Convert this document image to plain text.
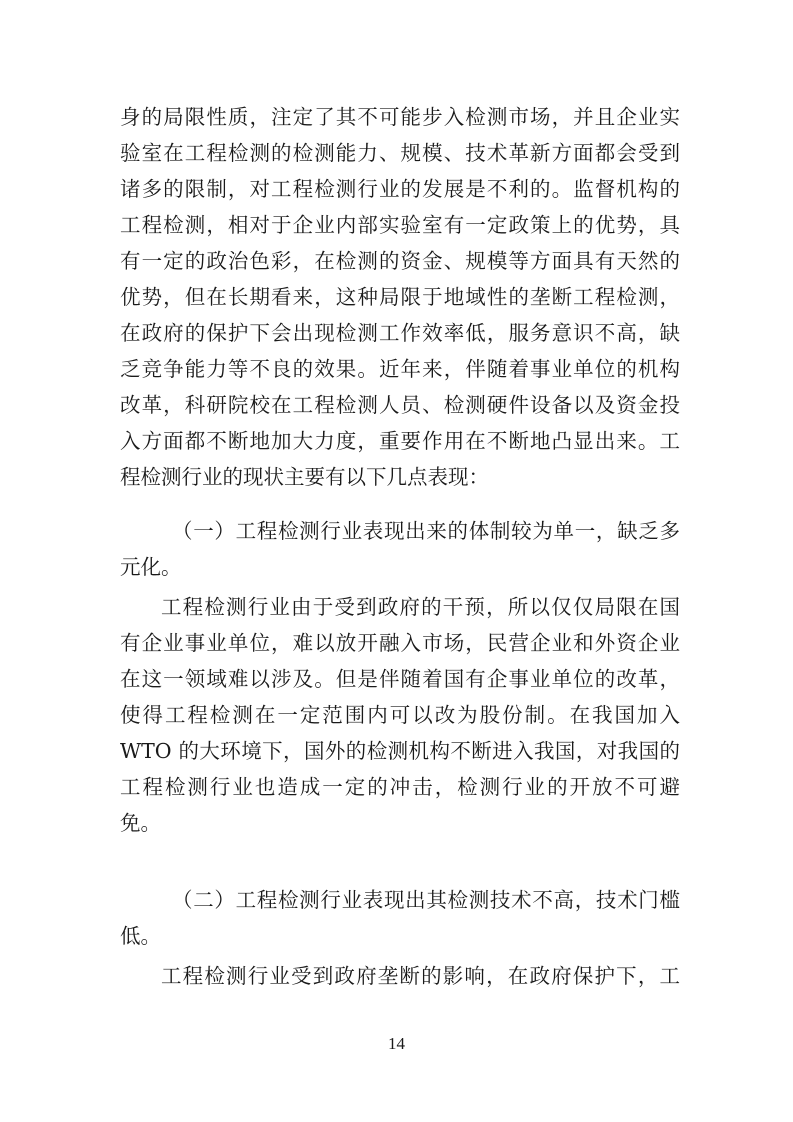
身的局限性质，注定了其不可能步入检测市场，并且企业实
验室在工程检测的检测能力、规模、技术革新方面都会受到
诸多的限制，对工程检测行业的发展是不利的。监督机构的
工程检测，相对于企业内部实验室有一定政策上的优势，具
有一定的政治色彩，在检测的资金、规模等方面具有天然的
优势，但在长期看来，这种局限于地域性的垄断工程检测，
在政府的保护下会出现检测工作效率低，服务意识不高，缺
乏竞争能力等不良的效果。近年来，伴随着事业单位的机构
改革，科研院校在工程检测人员、检测硬件设备以及资金投
入方面都不断地加大力度，重要作用在不断地凸显出来。工
程检测行业的现状主要有以下几点表现：
（一）工程检测行业表现出来的体制较为单一，缺乏多
元化。
工程检测行业由于受到政府的干预，所以仅仅局限在国
有企业事业单位，难以放开融入市场，民营企业和外资企业
在这一领域难以涉及。但是伴随着国有企事业单位的改革，
使得工程检测在一定范围内可以改为股份制。在我国加入
WTO 的大环境下，国外的检测机构不断进入我国，对我国的
工程检测行业也造成一定的冲击，检测行业的开放不可避
免。
（二）工程检测行业表现出其检测技术不高，技术门槛
低。
工程检测行业受到政府垄断的影响，在政府保护下，工
14
